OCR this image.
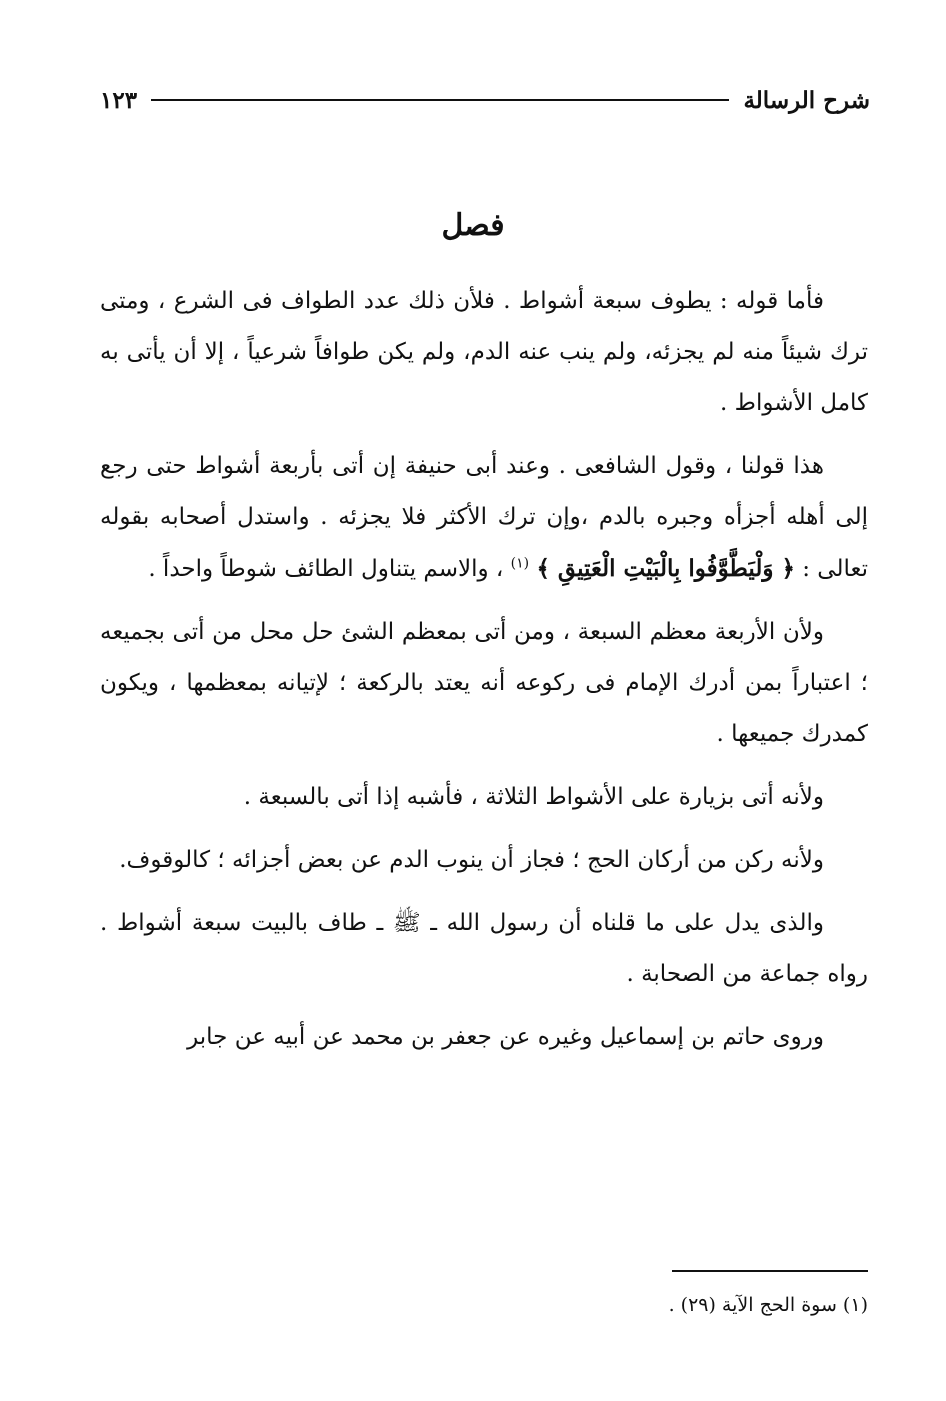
شرح الرسالة
١٢٣
فصل

فأما قوله : يطوف سبعة أشواط . فلأن ذلك عدد الطواف فى الشرع ، ومتى ترك شيئاً منه لم يجزئه، ولم ينب عنه الدم، ولم يكن طوافاً شرعياً ، إلا أن يأتى به كامل الأشواط .

هذا قولنا ، وقول الشافعى . وعند أبى حنيفة إن أتى بأربعة أشواط حتى رجع إلى أهله أجزأه وجبره بالدم ،وإن ترك الأكثر فلا يجزئه . واستدل أصحابه بقوله تعالى : ﴿ وَلْيَطَّوَّفُوا بِالْبَيْتِ الْعَتِيقِ ﴾ $^{(١)}$ ، والاسم يتناول الطائف شوطاً واحداً .

ولأن الأربعة معظم السبعة ، ومن أتى بمعظم الشئ حل محل من أتى بجميعه ؛ اعتباراً بمن أدرك الإمام فى ركوعه أنه يعتد بالركعة ؛ لإتيانه بمعظمها ، ويكون كمدرك جميعها .

ولأنه أتى بزيارة على الأشواط الثلاثة ، فأشبه إذا أتى بالسبعة .

ولأنه ركن من أركان الحج ؛ فجاز أن ينوب الدم عن بعض أجزائه ؛ كالوقوف.

والذى يدل على ما قلناه أن رسول الله ـ ﷺ ـ طاف بالبيت سبعة أشواط . رواه جماعة من الصحابة .

وروى حاتم بن إسماعيل وغيره عن جعفر بن محمد عن أبيه عن جابر

(١) سوة الحج الآية (٢٩) .
